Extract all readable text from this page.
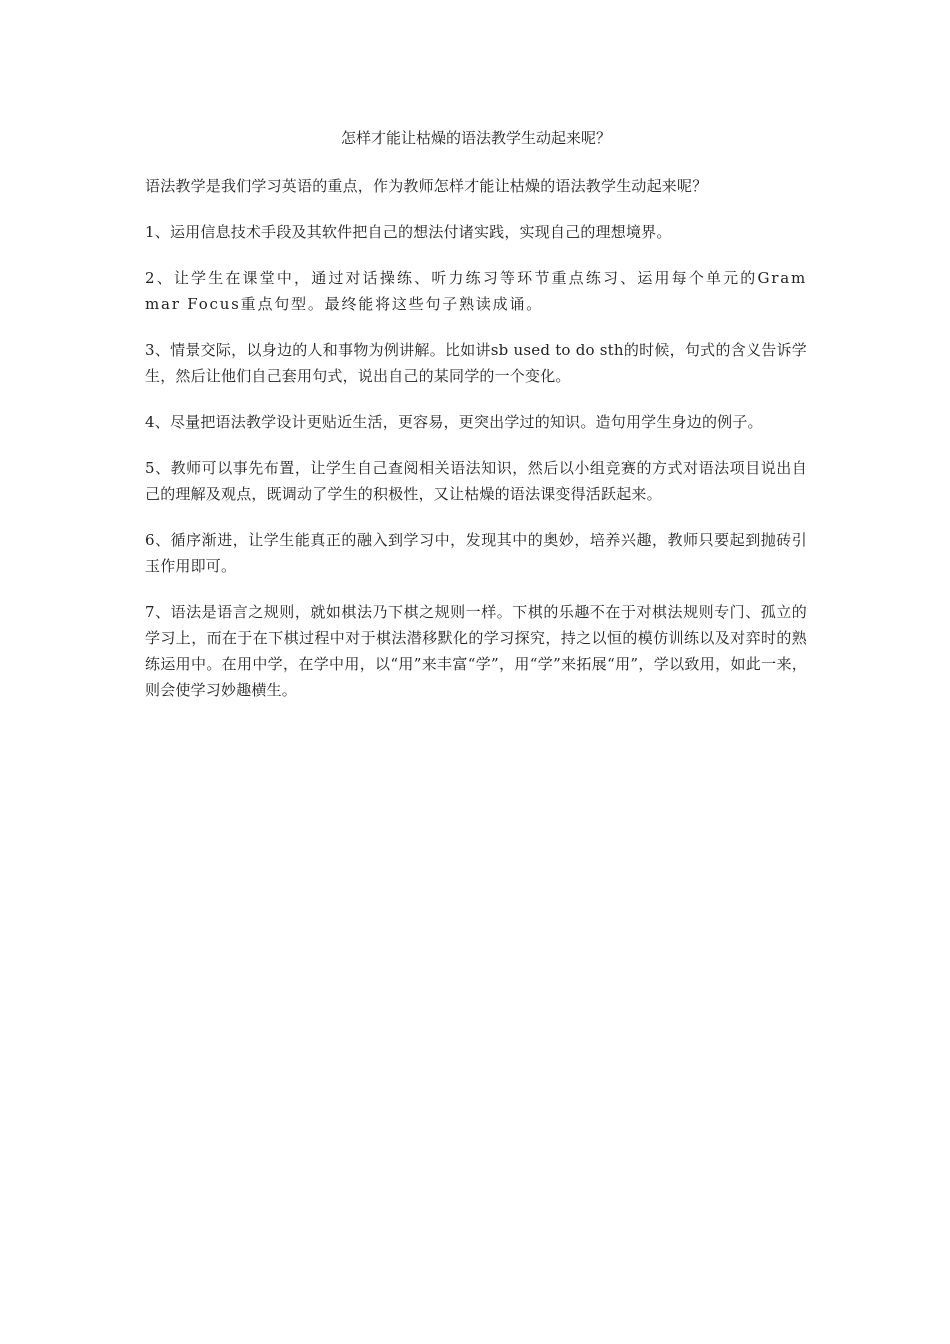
怎样才能让枯燥的语法教学生动起来呢？

语法教学是我们学习英语的重点，作为教师怎样才能让枯燥的语法教学生动起来呢？

1、运用信息技术手段及其软件把自己的想法付诸实践，实现自己的理想境界。

2、让学生在课堂中，通过对话操练、听力练习等环节重点练习、运用每个单元的Grammar Focus重点句型。最终能将这些句子熟读成诵。

3、情景交际，以身边的人和事物为例讲解。比如讲sb used to do sth的时候，句式的含义告诉学生，然后让他们自己套用句式，说出自己的某同学的一个变化。

4、尽量把语法教学设计更贴近生活，更容易，更突出学过的知识。造句用学生身边的例子。

5、教师可以事先布置，让学生自己查阅相关语法知识，然后以小组竞赛的方式对语法项目说出自己的理解及观点，既调动了学生的积极性，又让枯燥的语法课变得活跃起来。

6、循序渐进，让学生能真正的融入到学习中，发现其中的奥妙，培养兴趣，教师只要起到抛砖引玉作用即可。

7、语法是语言之规则，就如棋法乃下棋之规则一样。下棋的乐趣不在于对棋法规则专门、孤立的学习上，而在于在下棋过程中对于棋法潜移默化的学习探究，持之以恒的模仿训练以及对弈时的熟练运用中。在用中学，在学中用，以“用”来丰富“学”，用“学”来拓展“用”，学以致用，如此一来，则会使学习妙趣横生。
